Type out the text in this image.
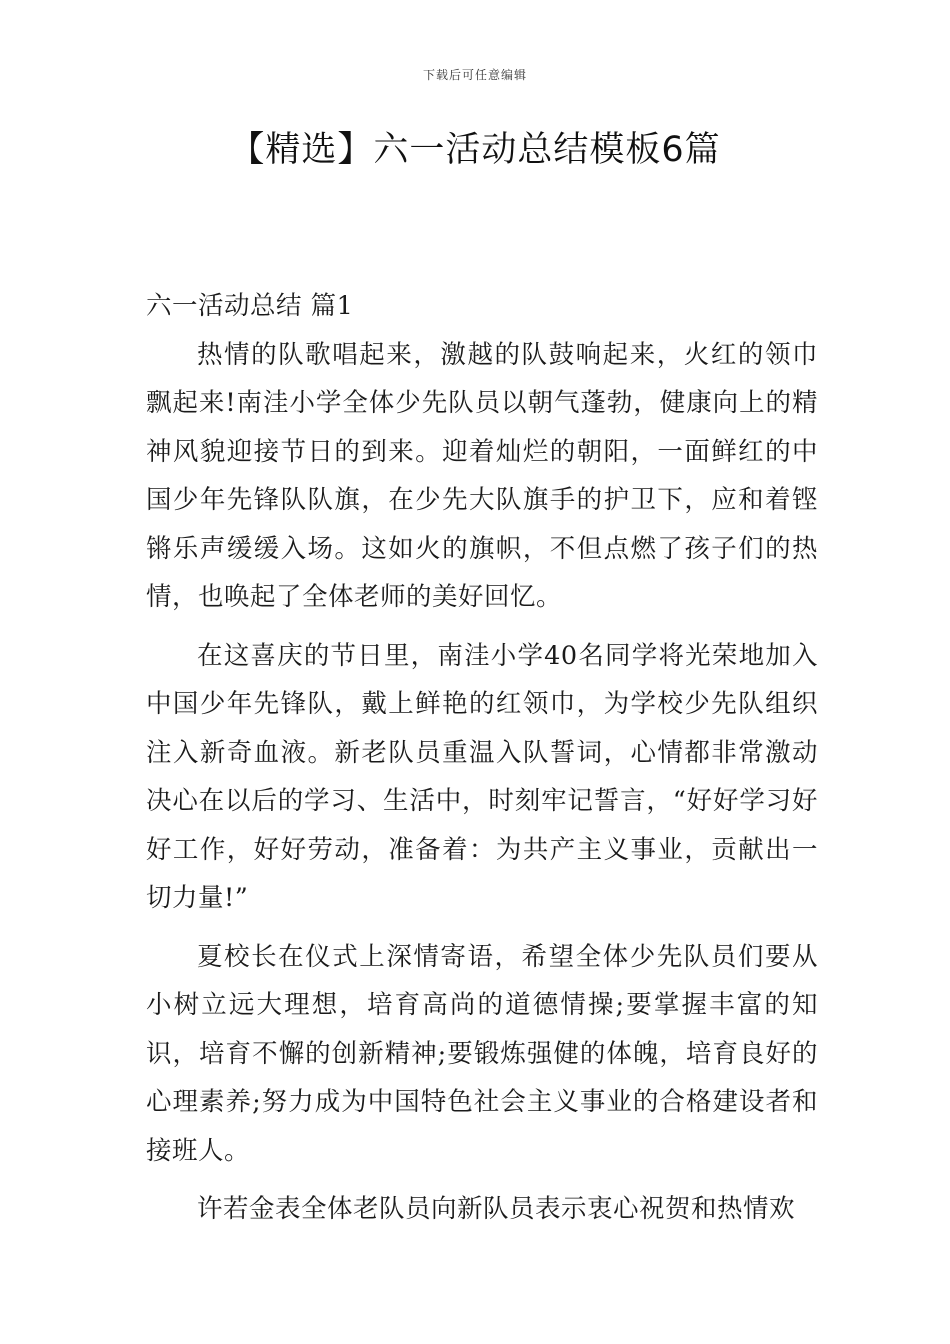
下载后可任意编辑
【精选】六一活动总结模板6篇
六一活动总结 篇1

热情的队歌唱起来，激越的队鼓响起来，火红的领巾飘起来!南洼小学全体少先队员以朝气蓬勃，健康向上的精神风貌迎接节日的到来。迎着灿烂的朝阳，一面鲜红的中国少年先锋队队旗，在少先大队旗手的护卫下，应和着铿锵乐声缓缓入场。这如火的旗帜，不但点燃了孩子们的热情，也唤起了全体老师的美好回忆。

在这喜庆的节日里，南洼小学40名同学将光荣地加入中国少年先锋队，戴上鲜艳的红领巾，为学校少先队组织注入新奇血液。新老队员重温入队誓词，心情都非常激动决心在以后的学习、生活中，时刻牢记誓言，“好好学习好好工作，好好劳动，准备着：为共产主义事业，贡献出一切力量!”

夏校长在仪式上深情寄语，希望全体少先队员们要从小树立远大理想，培育高尚的道德情操;要掌握丰富的知识，培育不懈的创新精神;要锻炼强健的体魄，培育良好的心理素养;努力成为中国特色社会主义事业的合格建设者和接班人。

许若金表全体老队员向新队员表示衷心祝贺和热情欢
